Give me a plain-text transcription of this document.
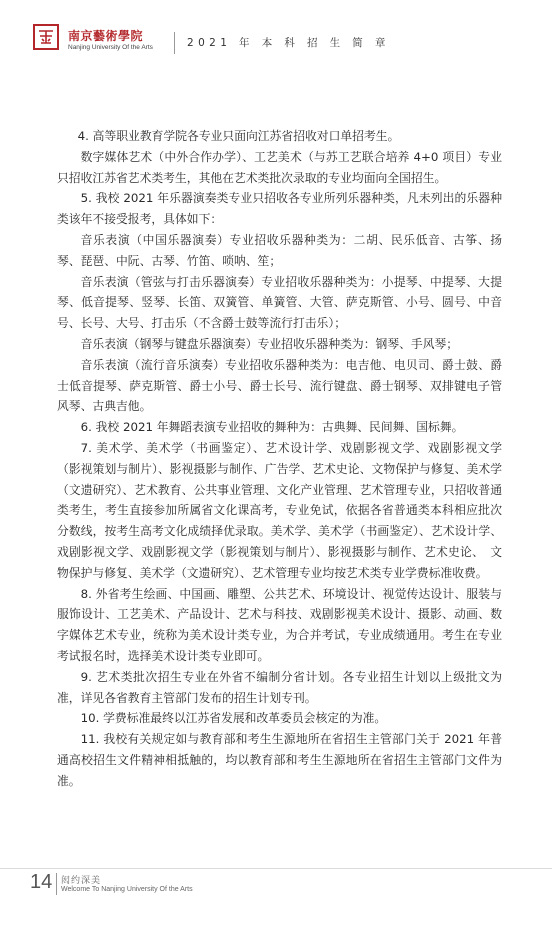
南京藝術學院
Nanjing University Of the Arts	2021 年 本 科 招 生 简 章

4. 高等职业教育学院各专业只面向江苏省招收对口单招考生。

数字媒体艺术（中外合作办学）、工艺美术（与苏工艺联合培养 4+0 项目）专业只招收江苏省艺术类考生，其他在艺术类批次录取的专业均面向全国招生。

5. 我校 2021 年乐器演奏类专业只招收各专业所列乐器种类，凡未列出的乐器种类该年不接受报考，具体如下：

音乐表演（中国乐器演奏）专业招收乐器种类为：二胡、民乐低音、古筝、扬琴、琵琶、中阮、古琴、竹笛、唢呐、笙；

音乐表演（管弦与打击乐器演奏）专业招收乐器种类为：小提琴、中提琴、大提琴、低音提琴、竖琴、长笛、双簧管、单簧管、大管、萨克斯管、小号、圆号、中音号、长号、大号、打击乐（不含爵士鼓等流行打击乐）；

音乐表演（钢琴与键盘乐器演奏）专业招收乐器种类为：钢琴、手风琴；

音乐表演（流行音乐演奏）专业招收乐器种类为：电吉他、电贝司、爵士鼓、爵士低音提琴、萨克斯管、爵士小号、爵士长号、流行键盘、爵士钢琴、双排键电子管风琴、古典吉他。

6. 我校 2021 年舞蹈表演专业招收的舞种为：古典舞、民间舞、国标舞。

7. 美术学、美术学（书画鉴定）、艺术设计学、戏剧影视文学、戏剧影视文学（影视策划与制片）、影视摄影与制作、广告学、艺术史论、文物保护与修复、美术学（文遗研究）、艺术教育、公共事业管理、文化产业管理、艺术管理专业，只招收普通类考生，考生直接参加所属省文化课高考，专业免试，依据各省普通类本科相应批次分数线，按考生高考文化成绩择优录取。美术学、美术学（书画鉴定）、艺术设计学、戏剧影视文学、戏剧影视文学（影视策划与制片）、影视摄影与制作、艺术史论、　文物保护与修复、美术学（文遗研究）、艺术管理专业均按艺术类专业学费标准收费。

8. 外省考生绘画、中国画、雕塑、公共艺术、环境设计、视觉传达设计、服装与服饰设计、工艺美术、产品设计、艺术与科技、戏剧影视美术设计、摄影、动画、数字媒体艺术专业，统称为美术设计类专业，为合并考试，专业成绩通用。考生在专业考试报名时，选择美术设计类专业即可。

9. 艺术类批次招生专业在外省不编制分省计划。各专业招生计划以上级批文为准，详见各省教育主管部门发布的招生计划专刊。

10. 学费标准最终以江苏省发展和改革委员会核定的为准。

11. 我校有关规定如与教育部和考生生源地所在省招生主管部门关于 2021 年普通高校招生文件精神相抵触的，均以教育部和考生生源地所在省招生主管部门文件为准。

14 闳约深美
Welcome To Nanjing University Of the Arts
